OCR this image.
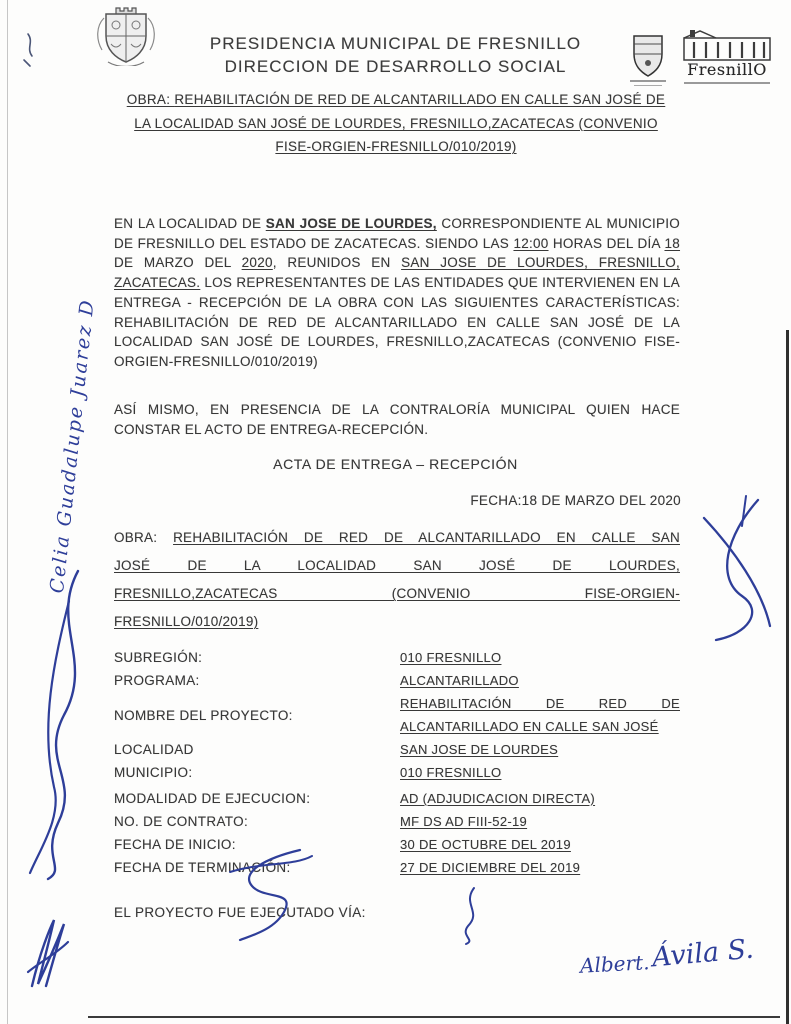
PRESIDENCIA MUNICIPAL DE FRESNILLO
DIRECCION DE DESARROLLO SOCIAL	FresnillO
OBRA: REHABILITACIÓN DE RED DE ALCANTARILLADO EN CALLE SAN JOSÉ DE LA LOCALIDAD SAN JOSÉ DE LOURDES, FRESNILLO,ZACATECAS (CONVENIO FISE-ORGIEN-FRESNILLO/010/2019)
EN LA LOCALIDAD DE SAN JOSE DE LOURDES, CORRESPONDIENTE AL MUNICIPIO DE FRESNILLO DEL ESTADO DE ZACATECAS. SIENDO LAS 12:00 HORAS DEL DÍA 18 DE MARZO DEL 2020, REUNIDOS EN SAN JOSE DE LOURDES, FRESNILLO, ZACATECAS. LOS REPRESENTANTES DE LAS ENTIDADES QUE INTERVIENEN EN LA ENTREGA - RECEPCIÓN DE LA OBRA CON LAS SIGUIENTES CARACTERÍSTICAS: REHABILITACIÓN DE RED DE ALCANTARILLADO EN CALLE SAN JOSÉ DE LA LOCALIDAD SAN JOSÉ DE LOURDES, FRESNILLO,ZACATECAS (CONVENIO FISE-ORGIEN-FRESNILLO/010/2019)
ASÍ MISMO, EN PRESENCIA DE LA CONTRALORÍA MUNICIPAL QUIEN HACE CONSTAR EL ACTO DE ENTREGA-RECEPCIÓN.
ACTA DE ENTREGA – RECEPCIÓN
FECHA:18 DE MARZO DEL 2020
OBRA: REHABILITACIÓN DE RED DE ALCANTARILLADO EN CALLE SAN
JOSÉ DE LA LOCALIDAD SAN JOSÉ DE LOURDES,
FRESNILLO,ZACATECAS (CONVENIO FISE-ORGIEN-
FRESNILLO/010/2019)
SUBREGIÓN:	010 FRESNILLO
PROGRAMA:	ALCANTARILLADO
NOMBRE DEL PROYECTO:
REHABILITACIÓN DE RED DE ALCANTARILLADO EN CALLE SAN JOSÉ
LOCALIDAD	SAN JOSE DE LOURDES
MUNICIPIO:	010 FRESNILLO
MODALIDAD DE EJECUCION:	AD (ADJUDICACION DIRECTA)
NO. DE CONTRATO:	MF DS AD FIII-52-19
FECHA DE INICIO:	30 DE OCTUBRE DEL 2019
FECHA DE TERMINACIÓN:	27 DE DICIEMBRE DEL 2019
EL PROYECTO FUE EJECUTADO VÍA:
Celia Guadalupe Juarez D
Albert. Ávila S.
